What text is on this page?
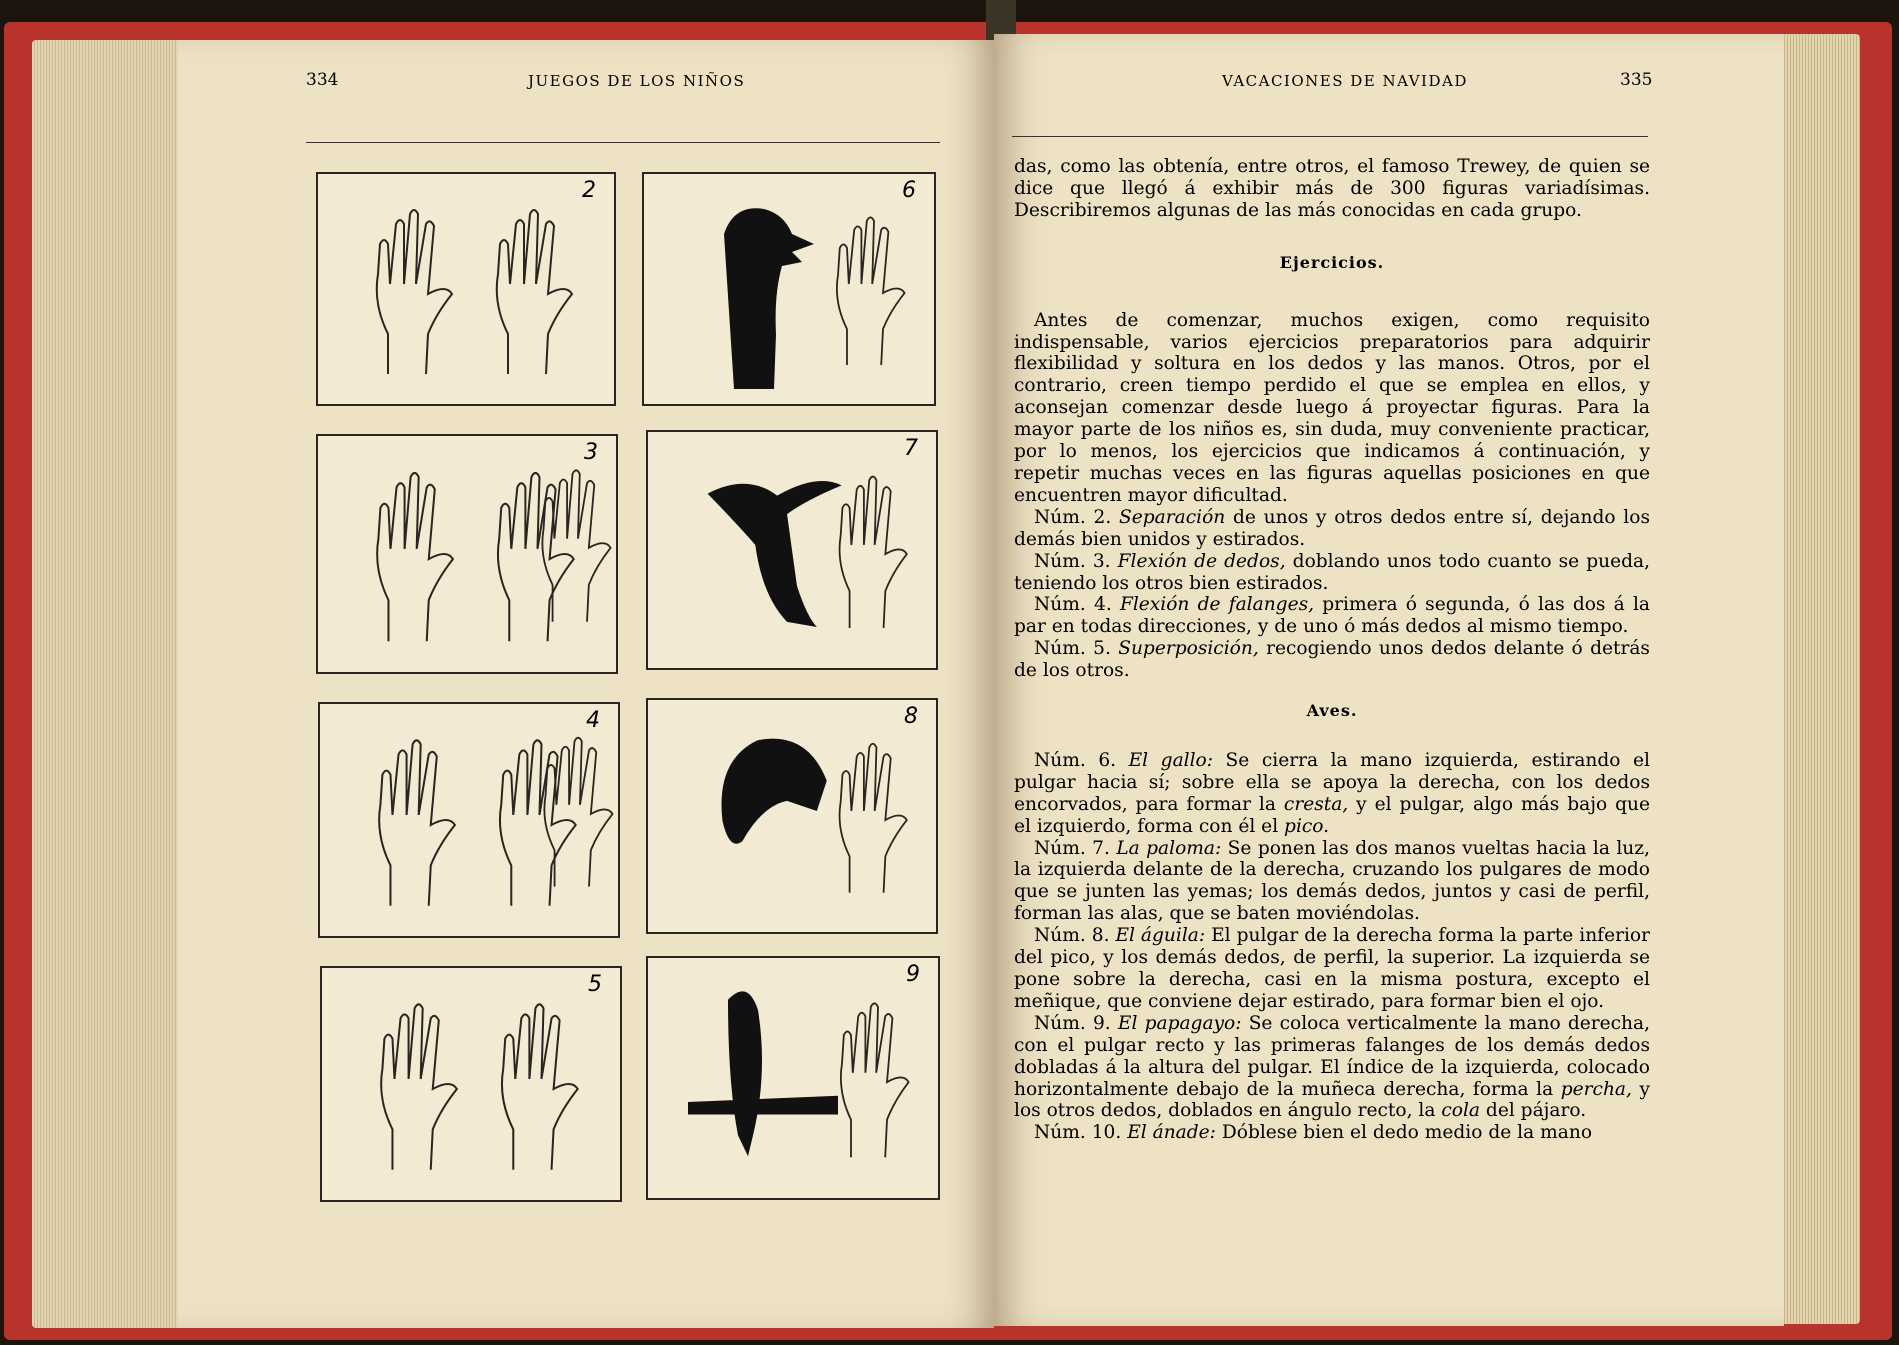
334	JUEGOS DE LOS NIÑOS
2	6
3	7
4	8
5	9
VACACIONES DE NAVIDAD	335

das, como las obtenía, entre otros, el famoso Trewey, de quien se dice que llegó á exhibir más de 300 figuras variadísimas. Describiremos algunas de las más conocidas en cada grupo.

Ejercicios.

Antes de comenzar, muchos exigen, como requisito indispensable, varios ejercicios preparatorios para adquirir flexibilidad y soltura en los dedos y las manos. Otros, por el contrario, creen tiempo perdido el que se emplea en ellos, y aconsejan comenzar desde luego á proyectar figuras. Para la mayor parte de los niños es, sin duda, muy conveniente practicar, por lo menos, los ejercicios que indicamos á continuación, y repetir muchas veces en las figuras aquellas posiciones en que encuentren mayor dificultad.

Núm. 2. Separación de unos y otros dedos entre sí, dejando los demás bien unidos y estirados.

Núm. 3. Flexión de dedos, doblando unos todo cuanto se pueda, teniendo los otros bien estirados.

Núm. 4. Flexión de falanges, primera ó segunda, ó las dos á la par en todas direcciones, y de uno ó más dedos al mismo tiempo.

Núm. 5. Superposición, recogiendo unos dedos delante ó detrás de los otros.

Aves.

Núm. 6. El gallo: Se cierra la mano izquierda, estirando el pulgar hacia sí; sobre ella se apoya la derecha, con los dedos encorvados, para formar la cresta, y el pulgar, algo más bajo que el izquierdo, forma con él el pico.

Núm. 7. La paloma: Se ponen las dos manos vueltas hacia la luz, la izquierda delante de la derecha, cruzando los pulgares de modo que se junten las yemas; los demás dedos, juntos y casi de perfil, forman las alas, que se baten moviéndolas.

Núm. 8. El águila: El pulgar de la derecha forma la parte inferior del pico, y los demás dedos, de perfil, la superior. La izquierda se pone sobre la derecha, casi en la misma postura, excepto el meñique, que conviene dejar estirado, para formar bien el ojo.

Núm. 9. El papagayo: Se coloca verticalmente la mano derecha, con el pulgar recto y las primeras falanges de los demás dedos dobladas á la altura del pulgar. El índice de la izquierda, colocado horizontalmente debajo de la muñeca derecha, forma la percha, y los otros dedos, doblados en ángulo recto, la cola del pájaro.

Núm. 10. El ánade: Dóblese bien el dedo medio de la mano
